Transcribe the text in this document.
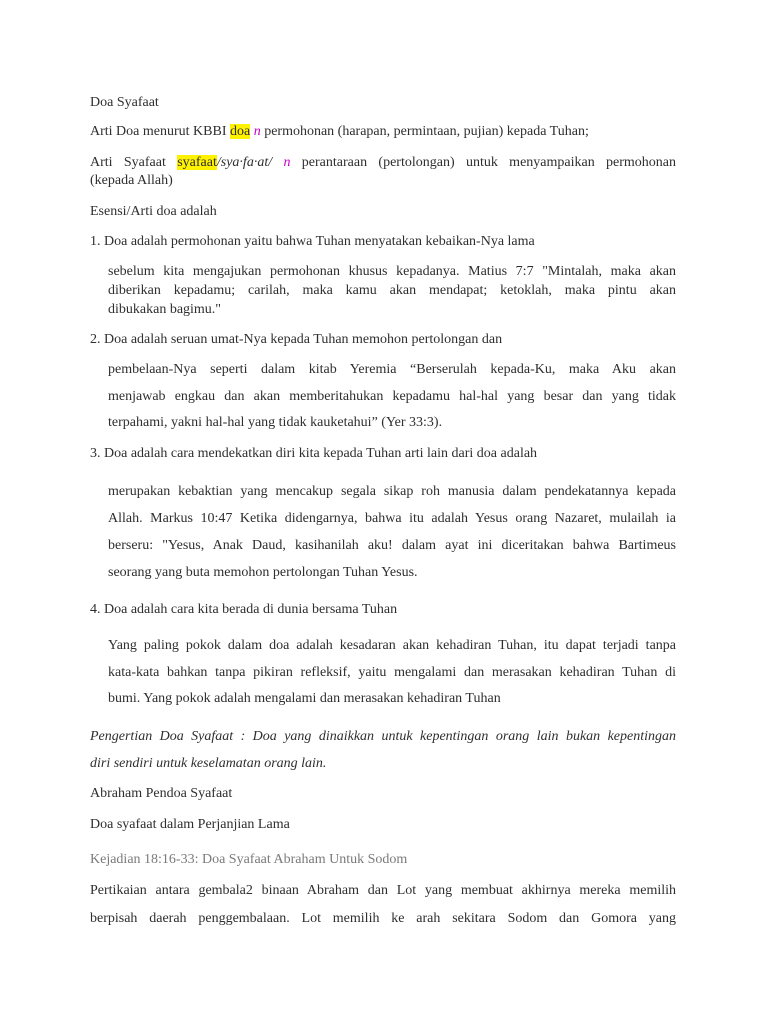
Doa Syafaat
Arti Doa menurut KBBI doa n permohonan (harapan, permintaan, pujian) kepada Tuhan;
Arti Syafaat syafaat/sya·fa·at/ n perantaraan (pertolongan) untuk menyampaikan permohonan
(kepada Allah)
Esensi/Arti doa adalah
1. Doa adalah permohonan yaitu bahwa Tuhan menyatakan kebaikan-Nya lama
sebelum kita mengajukan permohonan khusus kepadanya. Matius 7:7 "Mintalah, maka akan
diberikan kepadamu; carilah, maka kamu akan mendapat; ketoklah, maka pintu akan
dibukakan bagimu."
2. Doa adalah seruan umat-Nya kepada Tuhan memohon pertolongan dan
pembelaan-Nya seperti dalam kitab Yeremia “Berserulah kepada-Ku, maka Aku akan
menjawab engkau dan akan memberitahukan kepadamu hal-hal yang besar dan yang tidak
terpahami, yakni hal-hal yang tidak kauketahui” (Yer 33:3).
3. Doa adalah cara mendekatkan diri kita kepada Tuhan arti lain dari doa adalah
merupakan kebaktian yang mencakup segala sikap roh manusia dalam pendekatannya kepada
Allah. Markus 10:47 Ketika didengarnya, bahwa itu adalah Yesus orang Nazaret, mulailah ia
berseru: "Yesus, Anak Daud, kasihanilah aku! dalam ayat ini diceritakan bahwa Bartimeus
seorang yang buta memohon pertolongan Tuhan Yesus.
4. Doa adalah cara kita berada di dunia bersama Tuhan
Yang paling pokok dalam doa adalah kesadaran akan kehadiran Tuhan, itu dapat terjadi tanpa
kata-kata bahkan tanpa pikiran refleksif, yaitu mengalami dan merasakan kehadiran Tuhan di
bumi. Yang pokok adalah mengalami dan merasakan kehadiran Tuhan
Pengertian Doa Syafaat : Doa yang dinaikkan untuk kepentingan orang lain bukan kepentingan
diri sendiri untuk keselamatan orang lain.
Abraham Pendoa Syafaat
Doa syafaat dalam Perjanjian Lama
Kejadian 18:16-33: Doa Syafaat Abraham Untuk Sodom
Pertikaian antara gembala2 binaan Abraham dan Lot yang membuat akhirnya mereka memilih
berpisah daerah penggembalaan. Lot memilih ke arah sekitara Sodom dan Gomora yang
